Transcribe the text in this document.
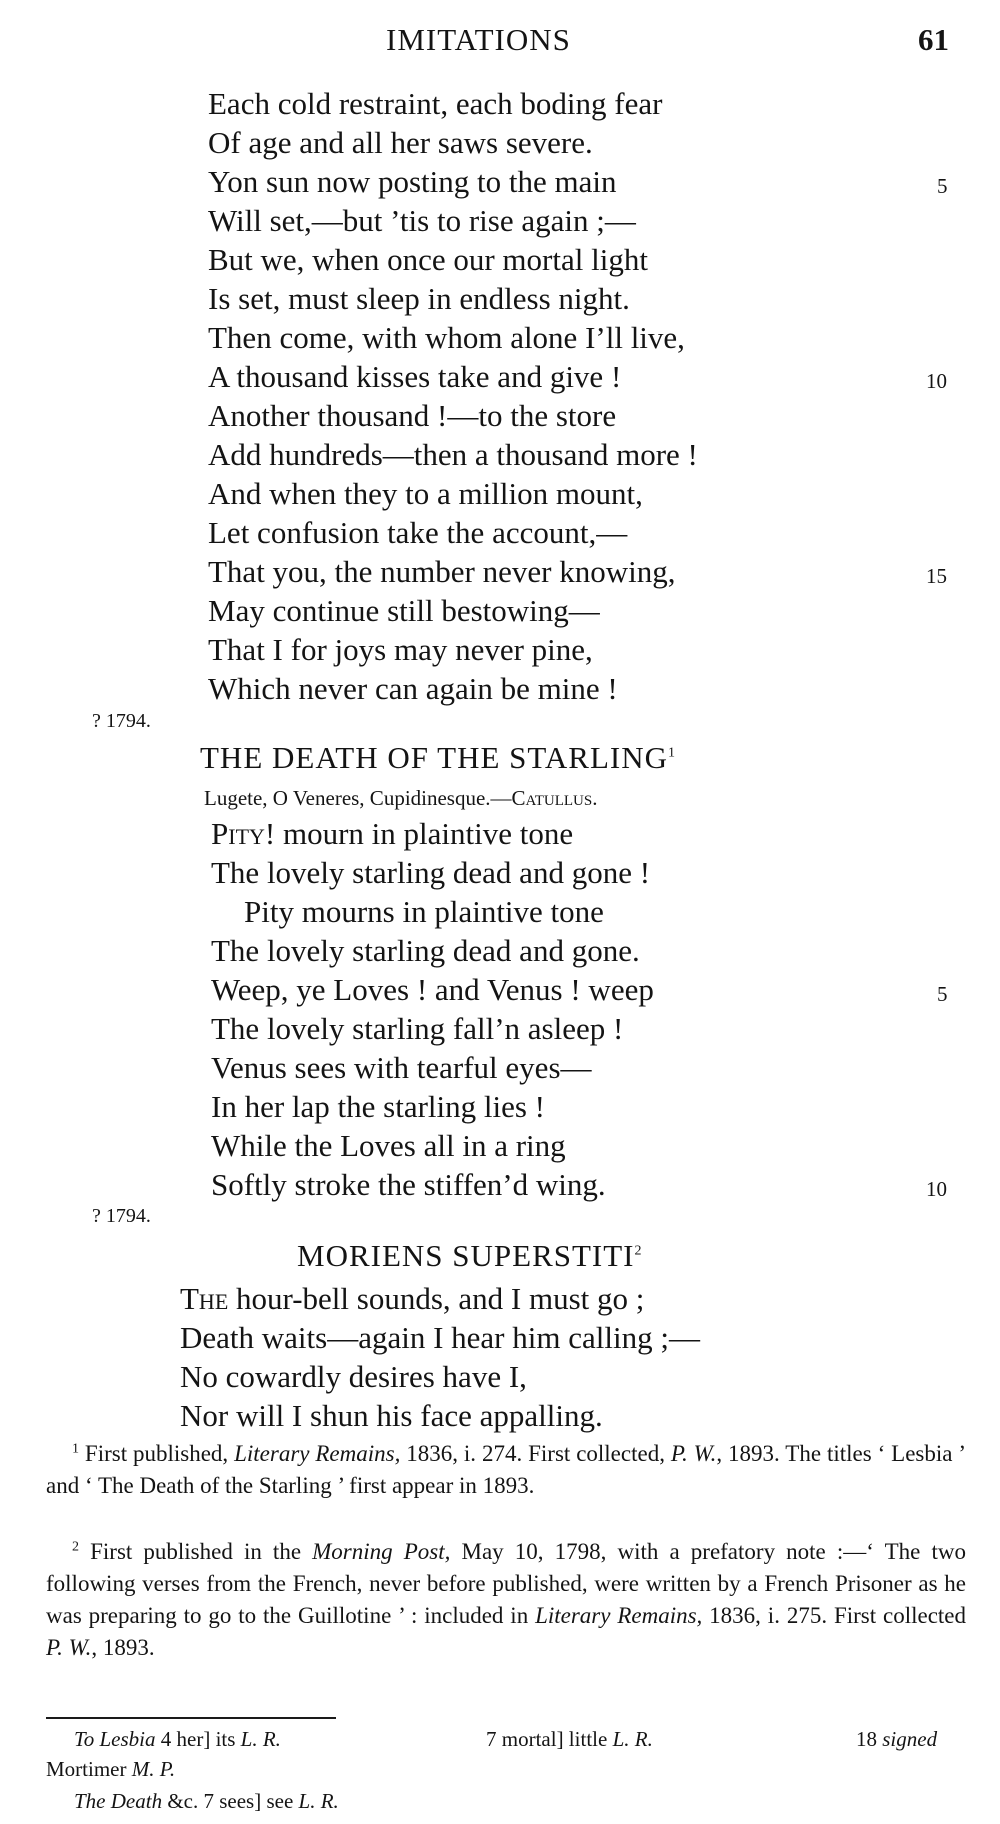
IMITATIONS	61
Each cold restraint, each boding fear
Of age and all her saws severe.
Yon sun now posting to the main
Will set,—but ’tis to rise again ;—
But we, when once our mortal light
Is set, must sleep in endless night.
Then come, with whom alone I’ll live,
A thousand kisses take and give !
Another thousand !—to the store
Add hundreds—then a thousand more !
And when they to a million mount,
Let confusion take the account,—
That you, the number never knowing,
May continue still bestowing—
That I for joys may never pine,
Which never can again be mine !
5
10
15
? 1794.
THE DEATH OF THE STARLING$^1$
Lugete, O Veneres, Cupidinesque.—Catullus.
Pity! mourn in plaintive tone
The lovely starling dead and gone !
Pity mourns in plaintive tone
The lovely starling dead and gone.
Weep, ye Loves ! and Venus ! weep
The lovely starling fall’n asleep !
Venus sees with tearful eyes—
In her lap the starling lies !
While the Loves all in a ring
Softly stroke the stiffen’d wing.
5
10
? 1794.
MORIENS SUPERSTITI$^2$
The hour-bell sounds, and I must go ;
Death waits—again I hear him calling ;—
No cowardly desires have I,
Nor will I shun his face appalling.
$^1$ First published, Literary Remains, 1836, i. 274. First collected, P. W., 1893. The titles ‘ Lesbia ’ and ‘ The Death of the Starling ’ first appear in 1893.
$^2$ First published in the Morning Post, May 10, 1798, with a prefatory note :—‘ The two following verses from the French, never before published, were written by a French Prisoner as he was preparing to go to the Guillotine ’ : included in Literary Remains, 1836, i. 275. First collected P. W., 1893.
To Lesbia 4 her] its L. R.	7 mortal] little L. R.	18 signed
Mortimer M. P.
The Death &c. 7 sees] see L. R.
